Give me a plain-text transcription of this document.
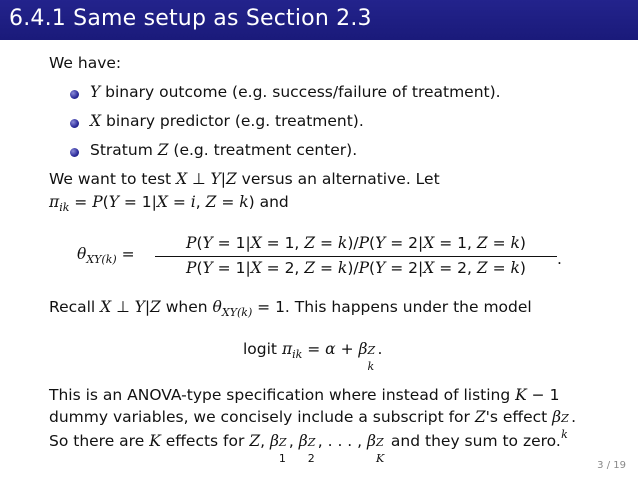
6.4.1 Same setup as Section 2.3
We have:
Y binary outcome (e.g. success/failure of treatment).
X binary predictor (e.g. treatment).
Stratum Z (e.g. treatment center).
We want to test X ⊥ Y|Z versus an alternative. Let
$\pi_{ik} = P(Y = 1|X = i$, Z = k) and
$\theta_{XY(k)}$ =
P(Y = 1|X = 1, Z = k)/P(Y = 2|X = 1, Z = k)
P(Y = 1|X = 2, Z = k)/P(Y = 2|X = 2, Z = k)	.
Recall X ⊥ Y|Z when $\theta_{XY(k)} = 1$. This happens under the model
logit $\pi_{ik} = \alpha + \beta$ Z
k
.
This is an ANOVA-type specification where instead of listing K − 1
dummy variables, we concisely include a subscript for Z's effect β Z
k
.
So there are K effects for Z, β Z
1
, β Z
2
, . . . , β Z
K
and they sum to zero.
3 / 19
